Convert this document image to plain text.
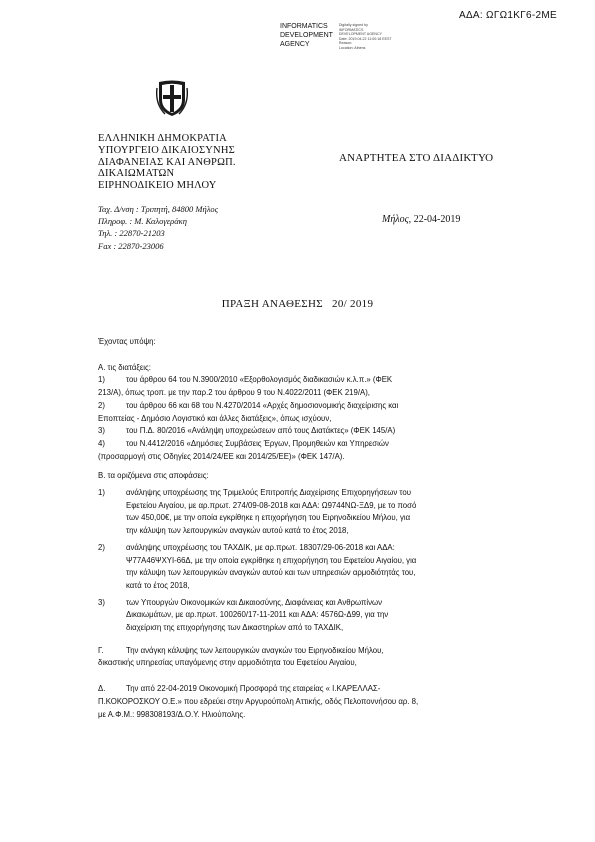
ΑΔΑ: ΩΓΩ1ΚΓ6-2ΜΕ
INFORMATICS
DEVELOPMENT
AGENCY
Digitally signed by
INFORMATICS
DEVELOPMENT AGENCY
Date: 2019.04.22 11:00:18 EEST
Reason:
Location: Athens
ΕΛΛΗΝΙΚΗ ΔΗΜΟΚΡΑΤΙΑ
ΥΠΟΥΡΓΕΙΟ ΔΙΚΑΙΟΣΥΝΗΣ
ΔΙΑΦΑΝΕΙΑΣ ΚΑΙ ΑΝΘΡΩΠ.
ΔΙΚΑΙΩΜΑΤΩΝ
ΕΙΡΗΝΟΔΙΚΕΙΟ ΜΗΛΟΥ
Ταχ. Δ/νση : Τριπητή, 84800 Μήλος
Πληροφ. : Μ. Καλογεράκη
Τηλ. : 22870-21203
Fax : 22870-23006
ΑΝΑΡΤΗΤΕΑ ΣΤΟ ΔΙΑΔΙΚΤΥΟ
Μήλος, 22-04-2019
ΠΡΑΞΗ ΑΝΑΘΕΣΗΣ   20/ 2019

Έχοντας υπόψη:

Α. τις διατάξεις:

1)	του άρθρου 64 του Ν.3900/2010 «Εξορθολογισμός διαδικασιών κ.λ.π.» (ΦΕΚ

213/Α), όπως τροπ. με την παρ.2 του άρθρου 9 του Ν.4022/2011 (ΦΕΚ 219/Α),

2)	του άρθρου 66 και 68 του Ν.4270/2014 «Αρχές δημοσιονομικής διαχείρισης και

Εποπτείας - Δημόσιο Λογιστικό και άλλες διατάξεις», όπως ισχύουν,

3)	του Π.Δ. 80/2016 «Ανάληψη υποχρεώσεων από τους Διατάκτες» (ΦΕΚ 145/Α)

4)	του Ν.4412/2016 «Δημόσιες Συμβάσεις Έργων, Προμηθειών και Υπηρεσιών

(προσαρμογή στις Οδηγίες 2014/24/ΕΕ και 2014/25/ΕΕ)» (ΦΕΚ 147/Α).

Β. τα οριζόμενα στις αποφάσεις:

1)	ανάληψης υποχρέωσης της Τριμελούς Επιτροπής Διαχείρισης Επιχορηγήσεων του

Εφετείου Αιγαίου, με αρ.πρωτ. 274/09-08-2018 και ΑΔΑ: Ω9744ΝΩ-ΞΔ9, με το ποσό

των 450,00€, με την οποία εγκρίθηκε η επιχορήγηση του Ειρηνοδικείου Μήλου, για

την κάλυψη των λειτουργικών αναγκών αυτού κατά το έτος 2018,

2)	ανάληψης υποχρέωσης του ΤΑΧΔΙΚ, με αρ.πρωτ. 18307/29-06-2018 και ΑΔΑ:

Ψ77Α46ΨΧΥΙ-66Δ, με την οποία εγκρίθηκε η επιχορήγηση του Εφετείου Αιγαίου, για

την κάλυψη των λειτουργικών αναγκών αυτού και των υπηρεσιών αρμοδιότητάς του,

κατά το έτος 2018,

3)	των Υπουργών Οικονομικών και Δικαιοσύνης, Διαφάνειας και Ανθρωπίνων

Δικαιωμάτων, με αρ.πρωτ. 100260/17-11-2011 και ΑΔΑ: 4576Ω-Δ99, για την

διαχείριση της επιχορήγησης των Δικαστηρίων από το ΤΑΧΔΙΚ,

Γ.	Την ανάγκη κάλυψης των λειτουργικών αναγκών του Ειρηνοδικείου Μήλου,

δικαστικής υπηρεσίας υπαγόμενης στην αρμοδιότητα του Εφετείου Αιγαίου,

Δ.	Την από 22-04-2019 Οικονομική Προσφορά της εταιρείας « Ι.ΚΑΡΕΛΛΑΣ-

Π.ΚΟΚΟΡΟΣΚΟΥ Ο.Ε.» που εδρεύει στην Αργυρούπολη Αττικής, οδός Πελοποννήσου αρ. 8,

με Α.Φ.Μ.: 998308193/Δ.Ο.Υ. Ηλιούπολης.
